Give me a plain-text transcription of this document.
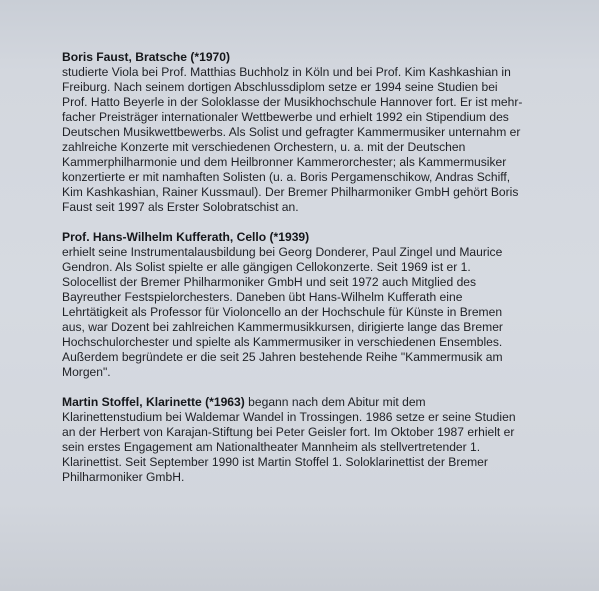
Boris Faust, Bratsche (*1970)
studierte Viola bei Prof. Matthias Buchholz in Köln und bei Prof. Kim Kashkashian in
Freiburg. Nach seinem dortigen Abschlussdiplom setze er 1994 seine Studien bei
Prof. Hatto Beyerle in der Soloklasse der Musikhochschule Hannover fort. Er ist mehr-
facher Preisträger internationaler Wettbewerbe und erhielt 1992 ein Stipendium des
Deutschen Musikwettbewerbs. Als Solist und gefragter Kammermusiker unternahm er
zahlreiche Konzerte mit verschiedenen Orchestern, u. a. mit der Deutschen
Kammerphilharmonie und dem Heilbronner Kammerorchester; als Kammermusiker
konzertierte er mit namhaften Solisten (u. a. Boris Pergamenschikow, Andras Schiff,
Kim Kashkashian, Rainer Kussmaul). Der Bremer Philharmoniker GmbH gehört Boris
Faust seit 1997 als Erster Solobratschist an.

Prof. Hans-Wilhelm Kufferath, Cello (*1939)
erhielt seine Instrumentalausbildung bei Georg Donderer, Paul Zingel und Maurice
Gendron. Als Solist spielte er alle gängigen Cellokonzerte. Seit 1969 ist er 1.
Solocellist der Bremer Philharmoniker GmbH und seit 1972 auch Mitglied des
Bayreuther Festspielorchesters. Daneben übt Hans-Wilhelm Kufferath eine
Lehrtätigkeit als Professor für Violoncello an der Hochschule für Künste in Bremen
aus, war Dozent bei zahlreichen Kammermusikkursen, dirigierte lange das Bremer
Hochschulorchester und spielte als Kammermusiker in verschiedenen Ensembles.
Außerdem begründete er die seit 25 Jahren bestehende Reihe "Kammermusik am
Morgen".

Martin Stoffel, Klarinette (*1963) begann nach dem Abitur mit dem
Klarinettenstudium bei Waldemar Wandel in Trossingen. 1986 setze er seine Studien
an der Herbert von Karajan-Stiftung bei Peter Geisler fort. Im Oktober 1987 erhielt er
sein erstes Engagement am Nationaltheater Mannheim als stellvertretender 1.
Klarinettist. Seit September 1990 ist Martin Stoffel 1. Soloklarinettist der Bremer
Philharmoniker GmbH.
